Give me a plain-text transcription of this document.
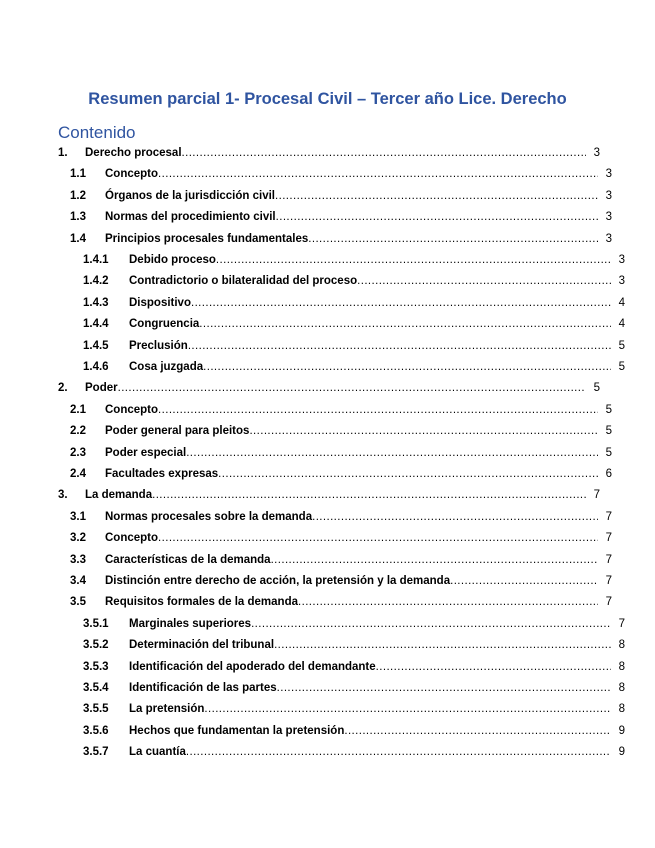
Resumen parcial 1- Procesal Civil – Tercer año Lice. Derecho
Contenido
1.	Derecho procesal .....	3
1.1	Concepto .....	3
1.2	Órganos de la jurisdicción civil .....	3
1.3	Normas del procedimiento civil .....	3
1.4	Principios procesales fundamentales .....	3
1.4.1	Debido proceso .....	3
1.4.2	Contradictorio o bilateralidad del proceso .....	3
1.4.3	Dispositivo .....	4
1.4.4	Congruencia .....	4
1.4.5	Preclusión .....	5
1.4.6	Cosa juzgada .....	5
2.	Poder .....	5
2.1	Concepto .....	5
2.2	Poder general para pleitos .....	5
2.3	Poder especial .....	5
2.4	Facultades expresas .....	6
3.	La demanda .....	7
3.1	Normas procesales sobre la demanda .....	7
3.2	Concepto .....	7
3.3	Características de la demanda .....	7
3.4	Distinción entre derecho de acción, la pretensión y la demanda .....	7
3.5	Requisitos formales de la demanda .....	7
3.5.1	Marginales superiores .....	7
3.5.2	Determinación del tribunal .....	8
3.5.3	Identificación del apoderado del demandante .....	8
3.5.4	Identificación de las partes .....	8
3.5.5	La pretensión .....	8
3.5.6	Hechos que fundamentan la pretensión .....	9
3.5.7	La cuantía .....	9
